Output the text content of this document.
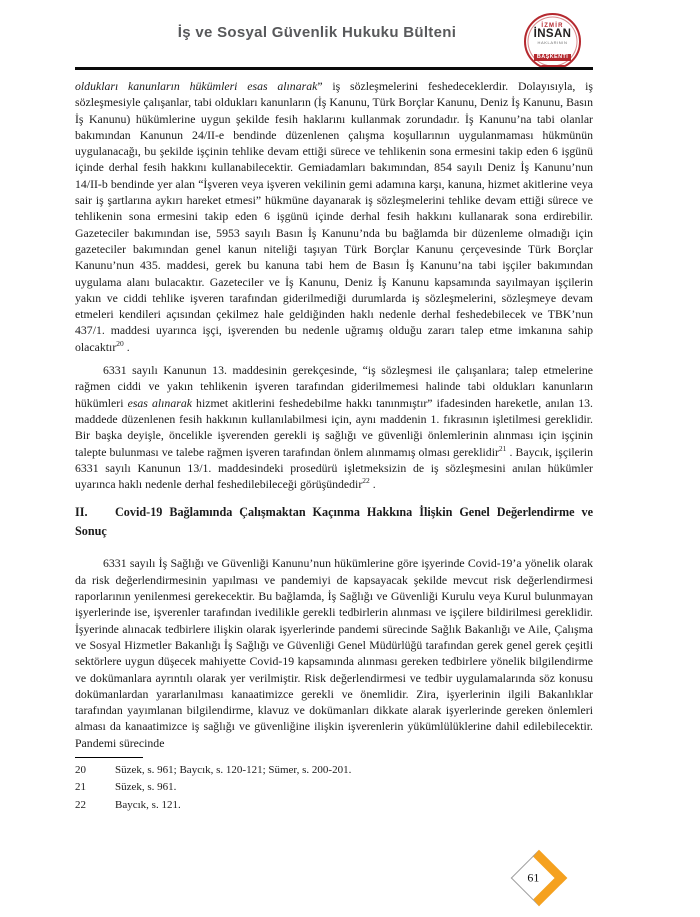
İş ve Sosyal Güvenlik Hukuku Bülteni	İZMİR
İNSAN
HAKLARININ
BAŞKENTİ

oldukları kanunların hükümleri esas alınarak” iş sözleşmelerini feshedeceklerdir. Dolayısıyla, iş sözleşmesiyle çalışanlar, tabi oldukları kanunların (İş Kanunu, Türk Borçlar Kanunu, Deniz İş Kanunu, Basın İş Kanunu) hükümlerine uygun şekilde fesih haklarını kullanmak zorundadır. İş Kanunu’na tabi olanlar bakımından Kanunun 24/II-e bendinde düzenlenen çalışma koşullarının uygulanmaması hükmünün uygulanacağı, bu şekilde işçinin tehlike devam ettiği sürece ve tehlikenin sona ermesini takip eden 6 işgünü içinde derhal fesih hakkını kullanabilecektir. Gemiadamları bakımından, 854 sayılı Deniz İş Kanunu’nun 14/II-b bendinde yer alan “İşveren veya işveren vekilinin gemi adamına karşı, kanuna, hizmet akitlerine veya sair iş şartlarına aykırı hareket etmesi” hükmüne dayanarak iş sözleşmelerini tehlike devam ettiği sürece ve tehlikenin sona ermesini takip eden 6 işgünü içinde derhal fesih hakkını kullanarak sona erdirebilir. Gazeteciler bakımından ise, 5953 sayılı Basın İş Kanunu’nda bu bağlamda bir düzenleme olmadığı için gazeteciler bakımından genel kanun niteliği taşıyan Türk Borçlar Kanunu çerçevesinde Türk Borçlar Kanunu’nun 435. maddesi, gerek bu kanuna tabi hem de Basın İş Kanunu’na tabi işçiler bakımından uygulama alanı bulacaktır. Gazeteciler ve İş Kanunu, Deniz İş Kanunu kapsamında sayılmayan işçilerin yakın ve ciddi tehlike işveren tarafından giderilmediği durumlarda iş sözleşmelerini, sözleşmeye devam etmeleri kendileri açısından çekilmez hale geldiğinden haklı nedenle derhal feshedebilecek ve TBK’nun 437/1. maddesi uyarınca işçi, işverenden bu nedenle uğramış olduğu zararı talep etme imkanına sahip olacaktır$^{20}$ .

6331 sayılı Kanunun 13. maddesinin gerekçesinde, “iş sözleşmesi ile çalışanlara; talep etmelerine rağmen ciddi ve yakın tehlikenin işveren tarafından giderilmemesi halinde tabi oldukları kanunların hükümleri esas alınarak hizmet akitlerini feshedebilme hakkı tanınmıştır” ifadesinden hareketle, anılan 13. maddede düzenlenen fesih hakkının kullanılabilmesi için, aynı maddenin 1. fıkrasının işletilmesi gereklidir. Bir başka deyişle, öncelikle işverenden gerekli iş sağlığı ve güvenliği önlemlerinin alınması için işçinin talepte bulunması ve talebe rağmen işveren tarafından önlem alınmamış olması gereklidir$^{21}$ . Baycık, işçilerin 6331 sayılı Kanunun 13/1. maddesindeki prosedürü işletmeksizin de iş sözleşmesini anılan hükümler uyarınca haklı nedenle derhal feshedilebileceği görüşündedir$^{22}$ .

II. Covid-19 Bağlamında Çalışmaktan Kaçınma Hakkına İlişkin Genel Değerlendirme ve Sonuç

6331 sayılı İş Sağlığı ve Güvenliği Kanunu’nun hükümlerine göre işyerinde Covid-19’a yönelik olarak da risk değerlendirmesinin yapılması ve pandemiyi de kapsayacak şekilde mevcut risk değerlendirmesi raporlarının yenilenmesi gerekecektir. Bu bağlamda, İş Sağlığı ve Güvenliği Kurulu veya Kurul bulunmayan işyerlerinde ise, işverenler tarafından ivedilikle gerekli tedbirlerin alınması ve işçilere bildirilmesi gereklidir. İşyerinde alınacak tedbirlere ilişkin olarak işyerlerinde pandemi sürecinde Sağlık Bakanlığı ve Aile, Çalışma ve Sosyal Hizmetler Bakanlığı İş Sağlığı ve Güvenliği Genel Müdürlüğü tarafından gerek genel gerek çeşitli sektörlere uygun düşecek mahiyette Covid-19 kapsamında alınması gereken tedbirlere yönelik bilgilendirme ve dokümanlara ayrıntılı olarak yer verilmiştir. Risk değerlendirmesi ve tedbir uygulamalarında söz konusu dokümanlardan yararlanılması kanaatimizce gerekli ve önemlidir. Zira, işyerlerinin ilgili Bakanlıklar tarafından yayımlanan bilgilendirme, klavuz ve dokümanları dikkate alarak işyerlerinde gereken önlemleri alması da kanaatimizce iş sağlığı ve güvenliğine ilişkin işverenlerin yükümlülüklerine dahil edilebilecektir. Pandemi sürecinde

20	Süzek, s. 961; Baycık, s. 120-121; Sümer, s. 200-201.
21	Süzek, s. 961.
22	Baycık, s. 121.
61
